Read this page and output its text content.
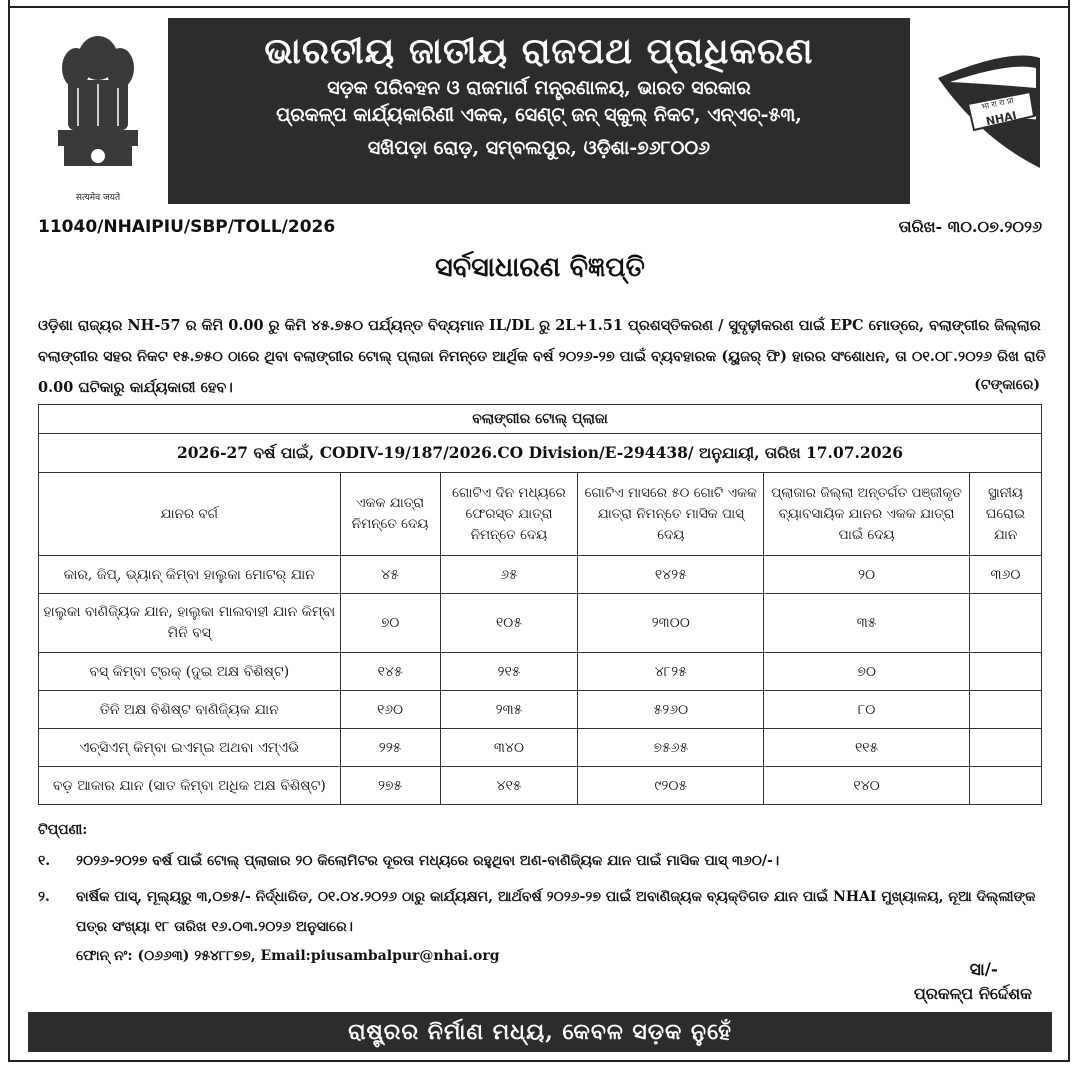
सत्यमेव जयते
ଭାରତୀୟ ଜାତୀୟ ରାଜପଥ ପ୍ରାଧିକରଣ
ସଡ଼କ ପରିବହନ ଓ ରାଜମାର୍ଗ ମନ୍ତ୍ରଣାଳୟ, ଭାରତ ସରକାର
ପ୍ରକଳ୍ପ କାର୍ଯ୍ୟକାରିଣୀ ଏକକ, ସେଣ୍ଟ୍ ଜନ୍ ସ୍କୁଲ୍ ନିକଟ, ଏନ୍‌ଏଚ୍-୫୩,
ସଖିପଡ଼ା ରୋଡ଼, ସମ୍ବଲପୁର, ଓଡ଼ିଶା-୭୬୮୦୦୬
भा रा रा प्रा
NHAI
11040/NHAIPIU/SBP/TOLL/2026	ତାରିଖ- ୩୦.୦୭.୨୦୨୬
ସର୍ବସାଧାରଣ ବିଜ୍ଞପ୍ତି
ଓଡ଼ିଶା ରାଜ୍ୟର NH-57 ର କିମି 0.00 ରୁ କିମି ୪୫.୭୫୦ ପର୍ଯ୍ୟନ୍ତ ବିଦ୍ୟମାନ IL/DL ରୁ 2L+1.51 ପ୍ରଶସ୍ତିକରଣ / ସୁଦୃଢ଼ୀକରଣ ପାଇଁ EPC ମୋଡ୍‌ରେ, ବଲାଙ୍ଗୀର ଜିଲ୍ଲାର ବଲାଙ୍ଗୀର ସହର ନିକଟ ୧୫.୭୫୦ ଠାରେ ଥିବା ବଲାଙ୍ଗୀର ଟୋଲ୍ ପ୍ଲାଜା ନିମନ୍ତେ ଆର୍ଥିକ ବର୍ଷ ୨୦୨୬-୨୭ ପାଇଁ ବ୍ୟବହାରକ (ୟୁଜର୍ ଫି) ହାରର ସଂଶୋଧନ, ତା ୦୧.୦୮.୨୦୨୬ ରିଖ ରାତି 0.00 ଘଟିକାରୁ କାର୍ଯ୍ୟକାରୀ ହେବ।	(ଟଙ୍କାରେ)
ବଲାଙ୍ଗୀର ଟୋଲ୍ ପ୍ଲାଜା					
2026-27 ବର୍ଷ ପାଇଁ, CODIV-19/187/2026.CO Division/E-294438/ ଅନୁଯାୟୀ, ତାରିଖ 17.07.2026					
ଯାନର ବର୍ଗ	ଏକକ ଯାତ୍ରା ନିମନ୍ତେ ଦେୟ	ଗୋଟିଏ ଦିନ ମଧ୍ୟରେ ଫେରସ୍ତ ଯାତ୍ରା ନିମନ୍ତେ ଦେୟ	ଗୋଟିଏ ମାସରେ ୫୦ ଗୋଟି ଏକକ ଯାତ୍ରା ନିମନ୍ତେ ମାସିକ ପାସ୍ ଦେୟ	ପ୍ଲାଜାର ଜିଲ୍ଲା ଅନ୍ତର୍ଗତ ପଞ୍ଜୀକୃତ ବ୍ୟାବସାୟିକ ଯାନର ଏକକ ଯାତ୍ରା ପାଇଁ ଦେୟ	ସ୍ଥାନୀୟ ଘରୋଇ ଯାନ
କାର, ଜିପ୍, ଭ୍ୟାନ୍ କିମ୍ବା ହାଲୁକା ମୋଟର୍ ଯାନ	୪୫	୬୫	୧୪୨୫	୨୦	୩୬୦
ହାଲୁକା ବାଣିଜ୍ୟିକ ଯାନ, ହାଲୁକା ମାଲବାହୀ ଯାନ କିମ୍ବା ମିନି ବସ୍	୭୦	୧୦୫	୨୩୦୦	୩୫	
ବସ୍ କିମ୍ବା ଟ୍ରକ୍ (ଦୁଇ ଅକ୍ଷ ବିଶିଷ୍ଟ)	୧୪୫	୨୧୫	୪୮୨୫	୭୦	
ତିନି ଅକ୍ଷ ବିଶିଷ୍ଟ ବାଣିଜ୍ୟିକ ଯାନ	୧୬୦	୨୩୫	୫୨୬୦	୮୦	
ଏଚ୍‌ସିଏମ୍ କିମ୍ବା ଇଏମ୍‌ଇ ଅଥବା ଏମ୍‌ଏଭି	୨୨୫	୩୪୦	୭୫୬୫	୧୧୫	
ବଡ଼ ଆକାର ଯାନ (ସାତ କିମ୍ବା ଅଧିକ ଅକ୍ଷ ବିଶିଷ୍ଟ)	୨୭୫	୪୧୫	୯୨୦୫	୧୪୦	
ଟିପ୍ପଣୀ:
୧. ୨୦୨୬-୨୦୨୭ ବର୍ଷ ପାଇଁ ଟୋଲ୍ ପ୍ଲାଜାର ୨୦ କିଲୋମିଟର ଦୂରତା ମଧ୍ୟରେ ରହୁଥିବା ଅଣ-ବାଣିଜ୍ୟିକ ଯାନ ପାଇଁ ମାସିକ ପାସ୍ ୩୬୦/-।
୨. ବାର୍ଷିକ ପାସ୍, ମୂଲ୍ୟରୁ ୩,୦୭୫/- ନିର୍ଦ୍ଧାରିତ, ୦୧.୦୪.୨୦୨୬ ଠାରୁ କାର୍ଯ୍ୟକ୍ଷମ, ଆର୍ଥବର୍ଷ ୨୦୨୬-୨୭ ପାଇଁ ଅବାଣିଜ୍ୟକ ବ୍ୟକ୍ତିଗତ ଯାନ ପାଇଁ NHAI ମୁଖ୍ୟାଳୟ, ନୂଆ ଦିଲ୍ଲୀଙ୍କ ପତ୍ର ସଂଖ୍ୟା ୧୮ ତାରିଖ ୧୬.୦୩.୨୦୨୬ ଅନୁସାରେ।
ଫୋନ୍ ନଂ: (୦୬୬୩) ୨୫୪୮୮୭୭, Email:piusambalpur@nhai.org
ସା/-
ପ୍ରକଳ୍ପ ନିର୍ଦ୍ଦେଶକ
ରାଷ୍ଟ୍ରର ନିର୍ମାଣ ମଧ୍ୟ, କେବଳ ସଡ଼କ ନୁହେଁ
